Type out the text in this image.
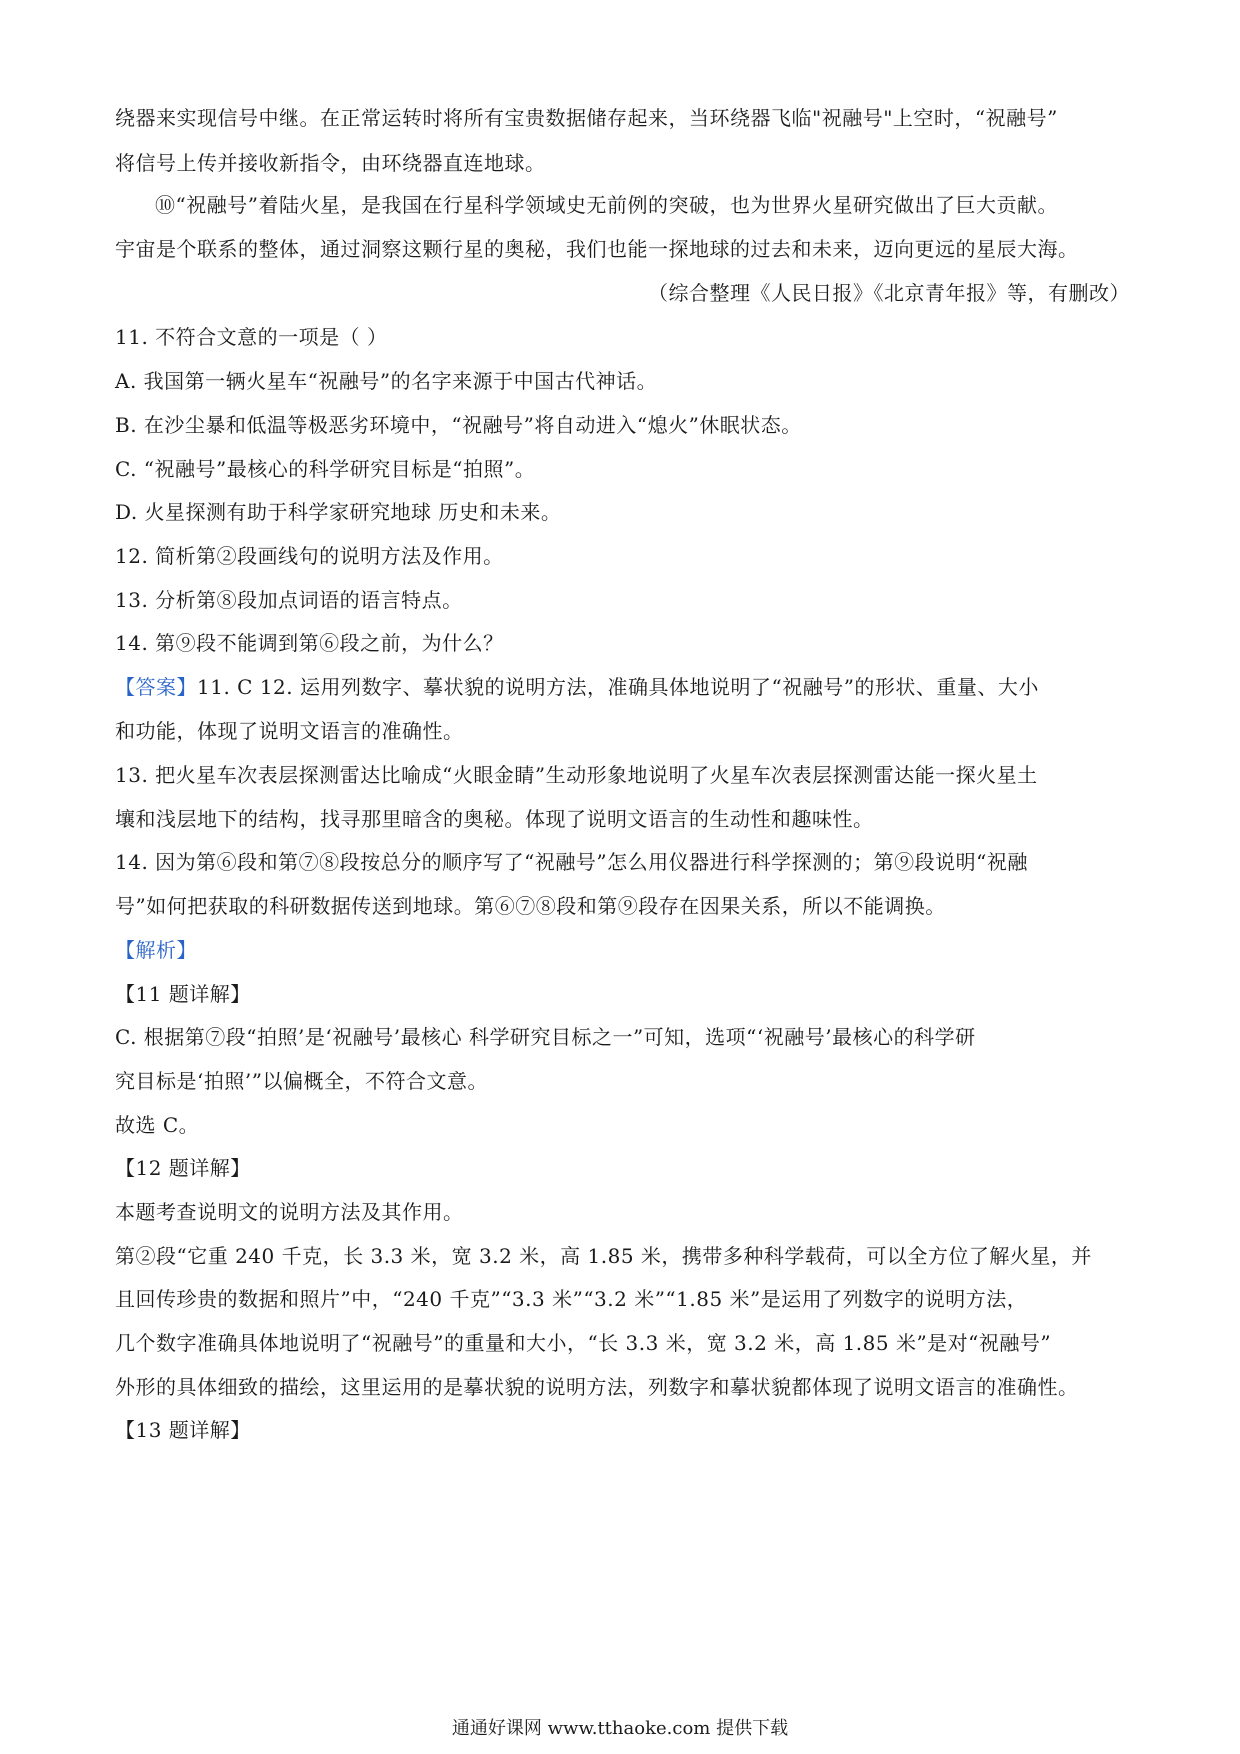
绕器来实现信号中继。在正常运转时将所有宝贵数据储存起来，当环绕器飞临"祝融号"上空时，“祝融号”
将信号上传并接收新指令，由环绕器直连地球。
⑩“祝融号”着陆火星，是我国在行星科学领域史无前例的突破，也为世界火星研究做出了巨大贡献。
宇宙是个联系的整体，通过洞察这颗行星的奥秘，我们也能一探地球的过去和未来，迈向更远的星辰大海。
（综合整理《人民日报》《北京青年报》等，有删改）
11. 不符合文意的一项是（ ）
A. 我国第一辆火星车“祝融号”的名字来源于中国古代神话。
B. 在沙尘暴和低温等极恶劣环境中，“祝融号”将自动进入“熄火”休眠状态。
C. “祝融号”最核心的科学研究目标是“拍照”。
D. 火星探测有助于科学家研究地球 历史和未来。
12. 简析第②段画线句的说明方法及作用。
13. 分析第⑧段加点词语的语言特点。
14. 第⑨段不能调到第⑥段之前，为什么？
【答案】11. C 12. 运用列数字、摹状貌的说明方法，准确具体地说明了“祝融号”的形状、重量、大小
和功能，体现了说明文语言的准确性。
13. 把火星车次表层探测雷达比喻成“火眼金睛”生动形象地说明了火星车次表层探测雷达能一探火星土
壤和浅层地下的结构，找寻那里暗含的奥秘。体现了说明文语言的生动性和趣味性。
14. 因为第⑥段和第⑦⑧段按总分的顺序写了“祝融号”怎么用仪器进行科学探测的；第⑨段说明“祝融
号”如何把获取的科研数据传送到地球。第⑥⑦⑧段和第⑨段存在因果关系，所以不能调换。
【解析】
【11 题详解】
C. 根据第⑦段“拍照’是‘祝融号’最核心 科学研究目标之一”可知，选项“‘祝融号’最核心的科学研
究目标是‘拍照’”以偏概全，不符合文意。
故选 C。
【12 题详解】
本题考查说明文的说明方法及其作用。
第②段“它重 240 千克，长 3.3 米，宽 3.2 米，高 1.85 米，携带多种科学载荷，可以全方位了解火星，并
且回传珍贵的数据和照片”中，“240 千克”“3.3 米”“3.2 米”“1.85 米”是运用了列数字的说明方法，
几个数字准确具体地说明了“祝融号”的重量和大小，“长 3.3 米，宽 3.2 米，高 1.85 米”是对“祝融号”
外形的具体细致的描绘，这里运用的是摹状貌的说明方法，列数字和摹状貌都体现了说明文语言的准确性。
【13 题详解】
通通好课网 www.tthaoke.com 提供下载
